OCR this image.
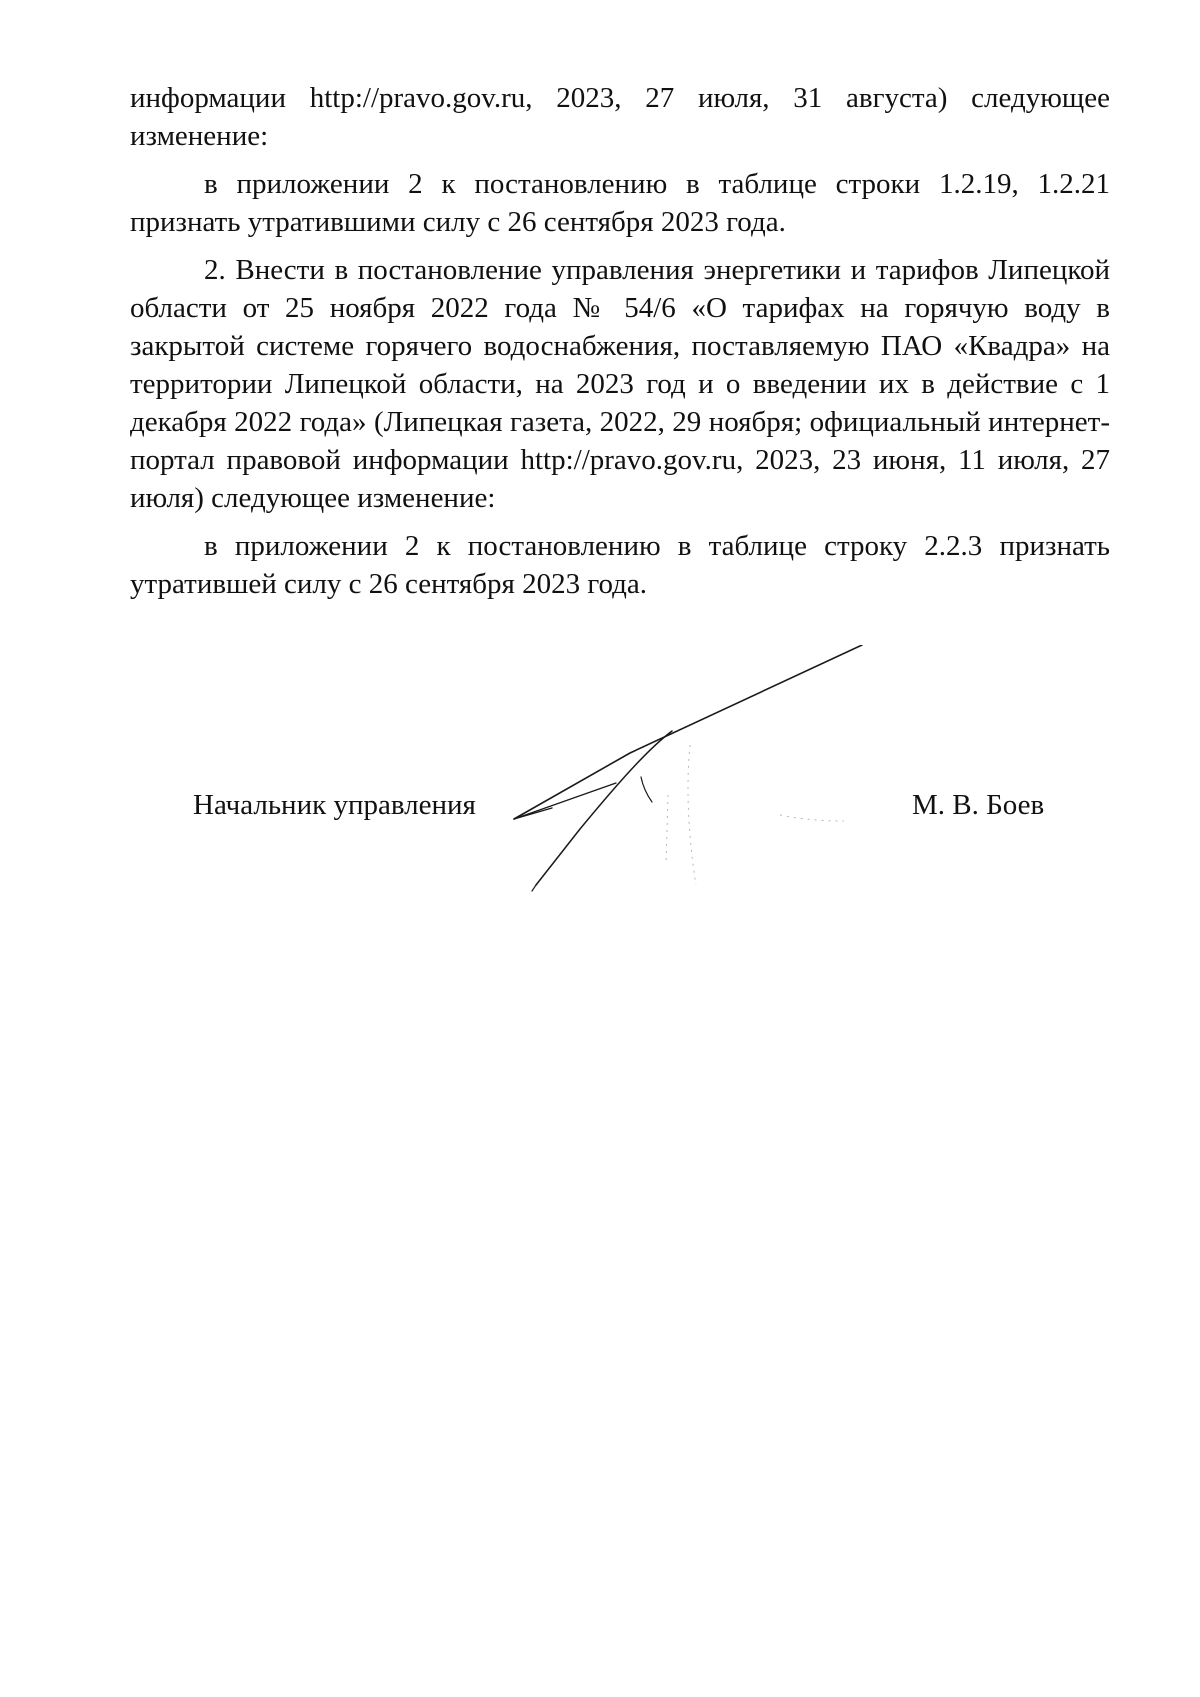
информации http://pravo.gov.ru, 2023, 27 июля, 31 августа) следующее изменение:

в приложении 2 к постановлению в таблице строки 1.2.19, 1.2.21 признать утратившими силу с 26 сентября 2023 года.

2. Внести в постановление управления энергетики и тарифов Липецкой области от 25 ноября 2022 года № 54/6 «О тарифах на горячую воду в закрытой системе горячего водоснабжения, поставляемую ПАО «Квадра» на территории Липецкой области, на 2023 год и о введении их в действие с 1 декабря 2022 года» (Липецкая газета, 2022, 29 ноября; официальный интернет-портал правовой информации http://pravo.gov.ru, 2023, 23 июня, 11 июля, 27 июля) следующее изменение:

в приложении 2 к постановлению в таблице строку 2.2.3 признать утратившей силу с 26 сентября 2023 года.

Начальник управления	М. В. Боев
